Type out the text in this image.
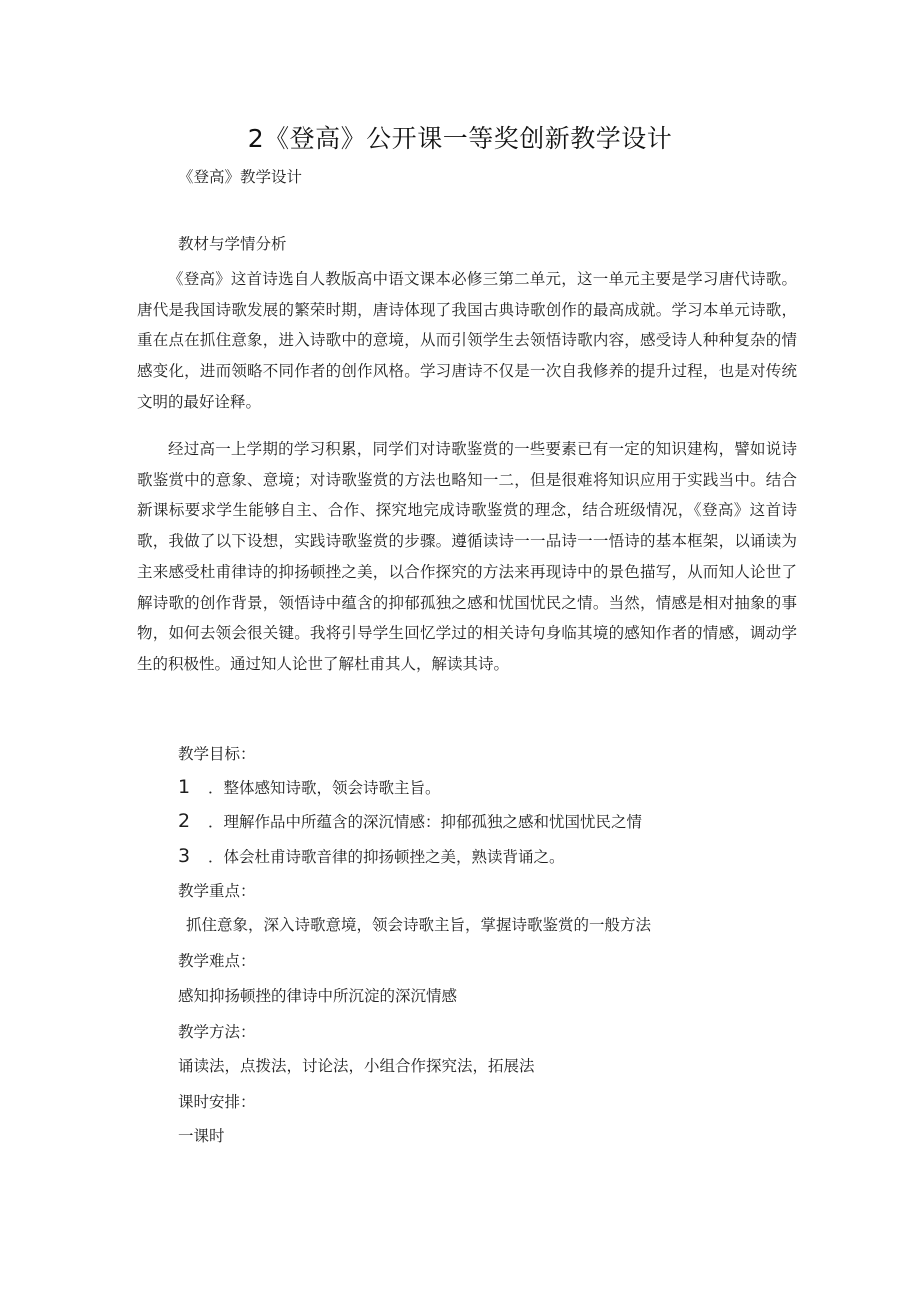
2《登高》公开课一等奖创新教学设计
《登高》教学设计
教材与学情分析
《登高》这首诗选自人教版高中语文课本必修三第二单元，这一单元主要是学习唐代诗歌。唐代是我国诗歌发展的繁荣时期，唐诗体现了我国古典诗歌创作的最高成就。学习本单元诗歌，重在点在抓住意象，进入诗歌中的意境，从而引领学生去领悟诗歌内容，感受诗人种种复杂的情感变化，进而领略不同作者的创作风格。学习唐诗不仅是一次自我修养的提升过程，也是对传统文明的最好诠释。
经过高一上学期的学习积累，同学们对诗歌鉴赏的一些要素已有一定的知识建构，譬如说诗歌鉴赏中的意象、意境；对诗歌鉴赏的方法也略知一二，但是很难将知识应用于实践当中。结合新课标要求学生能够自主、合作、探究地完成诗歌鉴赏的理念，结合班级情况，《登高》这首诗歌，我做了以下设想，实践诗歌鉴赏的步骤。遵循读诗一一品诗一一悟诗的基本框架，以诵读为主来感受杜甫律诗的抑扬顿挫之美，以合作探究的方法来再现诗中的景色描写，从而知人论世了解诗歌的创作背景，领悟诗中蕴含的抑郁孤独之感和忧国忧民之情。当然，情感是相对抽象的事物，如何去领会很关键。我将引导学生回忆学过的相关诗句身临其境的感知作者的情感，调动学生的积极性。通过知人论世了解杜甫其人，解读其诗。
教学目标：
1 ．整体感知诗歌，领会诗歌主旨。
2 ．理解作品中所蕴含的深沉情感：抑郁孤独之感和忧国忧民之情
3 ．体会杜甫诗歌音律的抑扬顿挫之美，熟读背诵之。
教学重点：
抓住意象，深入诗歌意境，领会诗歌主旨，掌握诗歌鉴赏的一般方法
教学难点：
感知抑扬顿挫的律诗中所沉淀的深沉情感
教学方法：
诵读法，点拨法，讨论法，小组合作探究法，拓展法
课时安排：
一课时
